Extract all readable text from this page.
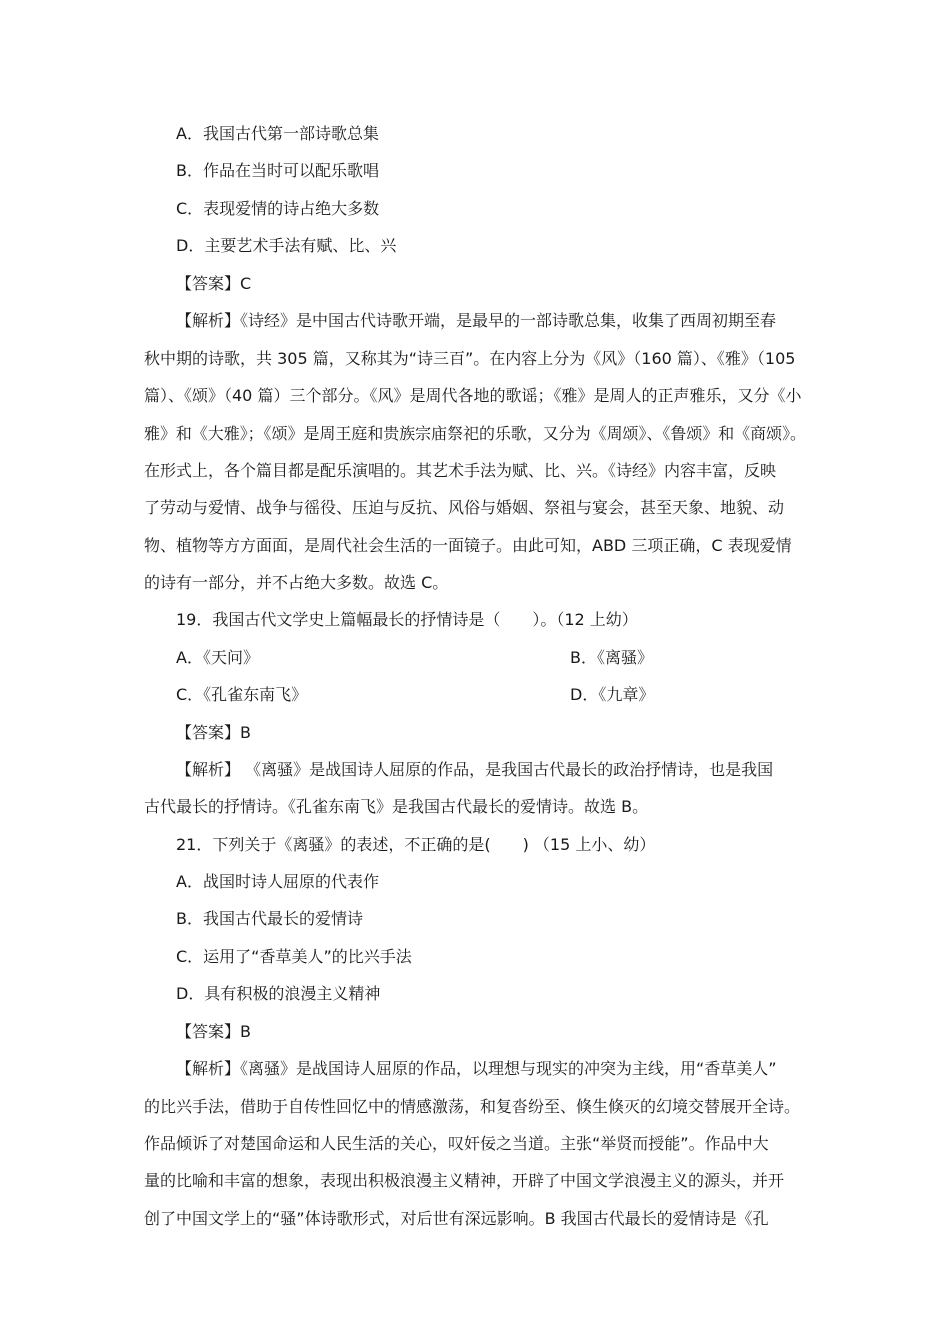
A．我国古代第一部诗歌总集
B．作品在当时可以配乐歌唱
C．表现爱情的诗占绝大多数
D．主要艺术手法有赋、比、兴
【答案】C
【解析】《诗经》是中国古代诗歌开端，是最早的一部诗歌总集，收集了西周初期至春
秋中期的诗歌，共 305 篇，又称其为“诗三百”。在内容上分为《风》（160 篇）、《雅》（105
篇）、《颂》（40 篇）三个部分。《风》是周代各地的歌谣；《雅》是周人的正声雅乐，又分《小
雅》和《大雅》；《颂》是周王庭和贵族宗庙祭祀的乐歌，又分为《周颂》、《鲁颂》和《商颂》。
在形式上，各个篇目都是配乐演唱的。其艺术手法为赋、比、兴。《诗经》内容丰富，反映
了劳动与爱情、战争与徭役、压迫与反抗、风俗与婚姻、祭祖与宴会，甚至天象、地貌、动
物、植物等方方面面，是周代社会生活的一面镜子。由此可知，ABD 三项正确，C 表现爱情
的诗有一部分，并不占绝大多数。故选 C。
19．我国古代文学史上篇幅最长的抒情诗是（　　）。（12 上幼）
A．《天问》	B．《离骚》
C．《孔雀东南飞》	D．《九章》
【答案】B
【解析】 《离骚》是战国诗人屈原的作品，是我国古代最长的政治抒情诗，也是我国
古代最长的抒情诗。《孔雀东南飞》是我国古代最长的爱情诗。故选 B。
21．下列关于《离骚》的表述，不正确的是(　　) （15 上小、幼）
A．战国时诗人屈原的代表作
B．我国古代最长的爱情诗
C．运用了“香草美人”的比兴手法
D．具有积极的浪漫主义精神
【答案】B
【解析】《离骚》是战国诗人屈原的作品，以理想与现实的冲突为主线，用“香草美人”
的比兴手法，借助于自传性回忆中的情感激荡，和复沓纷至、倏生倏灭的幻境交替展开全诗。
作品倾诉了对楚国命运和人民生活的关心，叹奸佞之当道。主张“举贤而授能”。作品中大
量的比喻和丰富的想象，表现出积极浪漫主义精神，开辟了中国文学浪漫主义的源头，并开
创了中国文学上的“骚”体诗歌形式，对后世有深远影响。B 我国古代最长的爱情诗是《孔
